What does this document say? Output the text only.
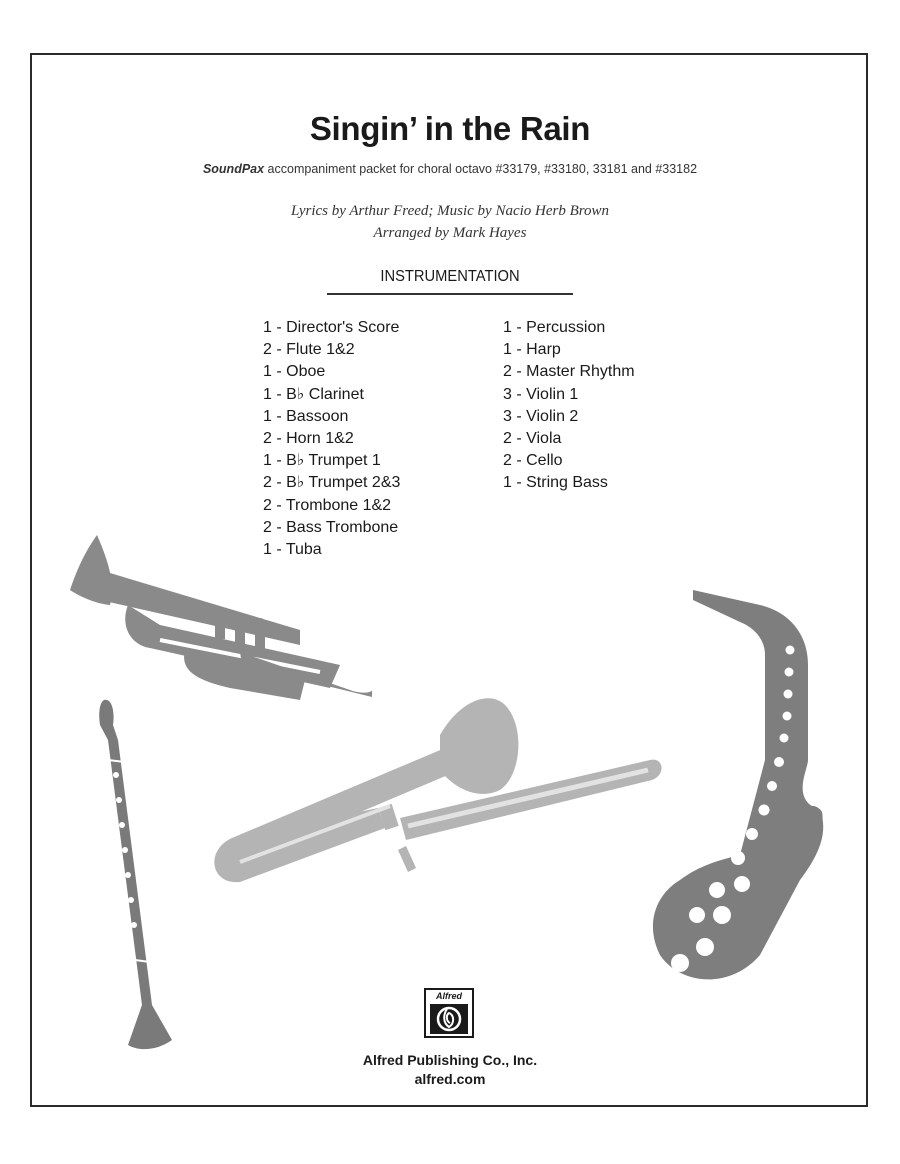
Singin’ in the Rain
SoundPax accompaniment packet for choral octavo #33179, #33180, 33181 and #33182
Lyrics by Arthur Freed; Music by Nacio Herb Brown
Arranged by Mark Hayes
INSTRUMENTATION
1 - Director's Score
2 - Flute 1&2
1 - Oboe
1 - B♭ Clarinet
1 - Bassoon
2 - Horn 1&2
1 - B♭ Trumpet 1
2 - B♭ Trumpet 2&3
2 - Trombone 1&2
2 - Bass Trombone
1 - Tuba
1 - Percussion
1 - Harp
2 - Master Rhythm
3 - Violin 1
3 - Violin 2
2 - Viola
2 - Cello
1 - String Bass
Alfred
Alfred Publishing Co., Inc.
alfred.com
